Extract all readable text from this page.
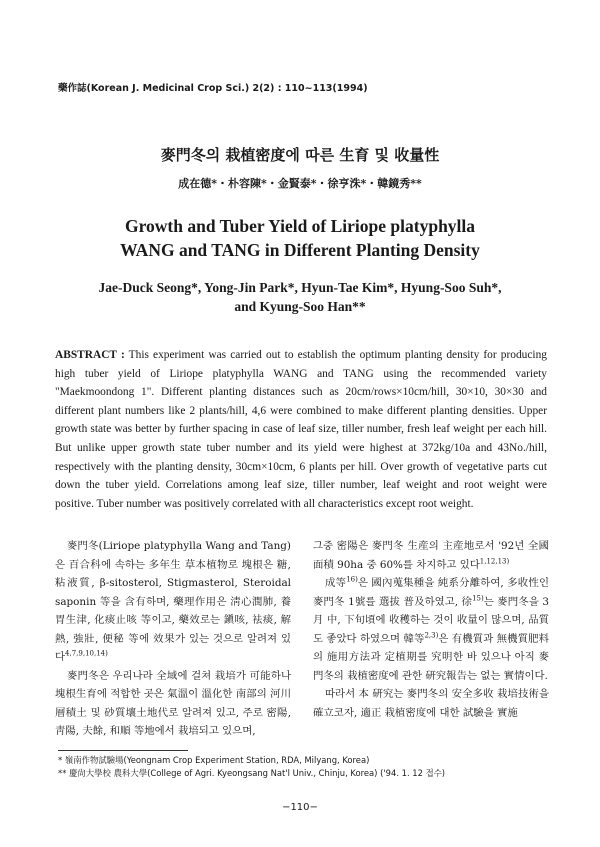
藥作誌(Korean J. Medicinal Crop Sci.) 2(2) : 110~113(1994)
麥門冬의 栽植密度에 따른 生育 및 收量性
成在德*・朴容陳*・金賢泰*・徐亨洙*・韓鏡秀**
Growth and Tuber Yield of Liriope platyphylla
WANG and TANG in Different Planting Density
Jae-Duck Seong*, Yong-Jin Park*, Hyun-Tae Kim*, Hyung-Soo Suh*,
and Kyung-Soo Han**
ABSTRACT : This experiment was carried out to establish the optimum planting density for producing high tuber yield of Liriope platyphylla WANG and TANG using the recommended variety "Maekmoondong 1". Different planting distances such as 20cm/rows×10cm/hill, 30×10, 30×30 and different plant numbers like 2 plants/hill, 4,6 were combined to make different planting densities. Upper growth state was better by further spacing in case of leaf size, tiller number, fresh leaf weight per each hill. But unlike upper growth state tuber number and its yield were highest at 372kg/10a and 43No./hill, respectively with the planting density, 30cm×10cm, 6 plants per hill. Over growth of vegetative parts cut down the tuber yield. Correlations among leaf size, tiller number, leaf weight and root weight were positive. Tuber number was positively correlated with all characteristics except root weight.

麥門冬(Liriope platyphylla Wang and Tang)은 百合科에 속하는 多年生 草本植物로 塊根은 糖, 粘液質, β-sitosterol, Stigmasterol, Steroidal saponin 等을 含有하며, 藥理作用은 淸心潤肺, 養胃生津, 化痰止咳 等이고, 藥效로는 鎭咳, 袪痰, 解熱, 強壯, 便秘 等에 效果가 있는 것으로 알려져 있다$^{4,7,9,10,14)}$

麥門冬은 우리나라 全域에 걸쳐 栽培가 可能하나 塊根生育에 적합한 곳은 氣溫이 溫化한 南部의 河川層積土 및 砂質壤土地代로 알려져 있고, 주로 密陽, 靑陽, 夫餘, 和順 等地에서 栽培되고 있으며,

그중 密陽은 麥門冬 生産의 主産地로서 '92년 全國面積 90ha 중 60%를 차지하고 있다$^{1,12,13)}$

成等$^{16)}$은 國內蒐集種을 純系分離하여, 多收性인 麥門冬 1號를 選拔 普及하였고, 徐$^{15)}$는 麥門冬을 3月 中, 下旬頃에 收穫하는 것이 收量이 많으며, 品質도 좋았다 하였으며 韓等$^{2,3)}$은 有機質과 無機質肥料의 施用方法과 定植期를 究明한 바 있으나 아직 麥門冬의 栽植密度에 관한 硏究報告는 없는 實情이다.

따라서 本 硏究는 麥門冬의 安全多收 栽培技術을 確立코자, 適正 栽植密度에 대한 試驗을 實施

* 嶺南作物試驗場(Yeongnam Crop Experiment Station, RDA, Milyang, Korea)
** 慶尙大學校 農科大學(College of Agri. Kyeongsang Nat'l Univ., Chinju, Korea) ('94. 1. 12 접수)
−110−
